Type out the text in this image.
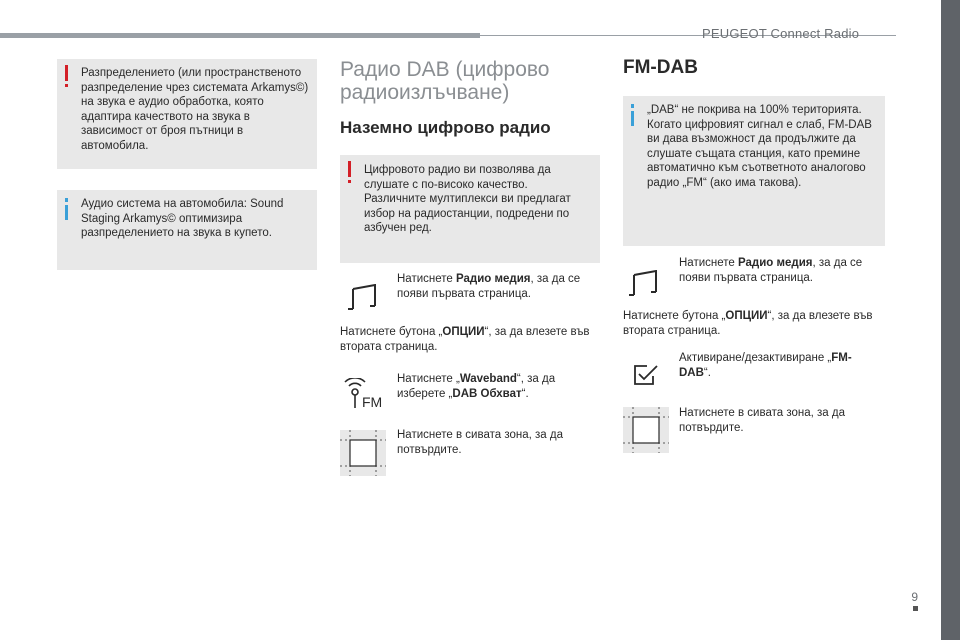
PEUGEOT Connect Radio

Разпределението (или пространственото разпределение чрез системата Arkamys©) на звука е аудио обработка, която адаптира качеството на звука в зависимост от броя пътници в автомобила.

Аудио система на автомобила: Sound Staging Arkamys© оптимизира разпределението на звука в купето.

Радио DAB (цифрово радиоизлъчване)
Наземно цифрово радио

Цифровото радио ви позволява да слушате с по-високо качество.
Различните мултиплекси ви предлагат избор на радиостанции, подредени по азбучен ред.

Натиснете Радио медия, за да се появи първата страница.
Натиснете бутона „ОПЦИИ“, за да влезете във втората страница.
FM
Натиснете „Waveband“, за да изберете „DAB Обхват“.
Натиснете в сивата зона, за да потвърдите.
FM-DAB

„DAB“ не покрива на 100% територията. Когато цифровият сигнал е слаб, FM-DAB ви дава възможност да продължите да слушате същата станция, като премине автоматично към съответното аналогово радио „FM“ (ако има такова).

Натиснете Радио медия, за да се появи първата страница.
Натиснете бутона „ОПЦИИ“, за да влезете във втората страница.
Активиране/дезактивиране „FM-DAB“.
Натиснете в сивата зона, за да потвърдите.
9
